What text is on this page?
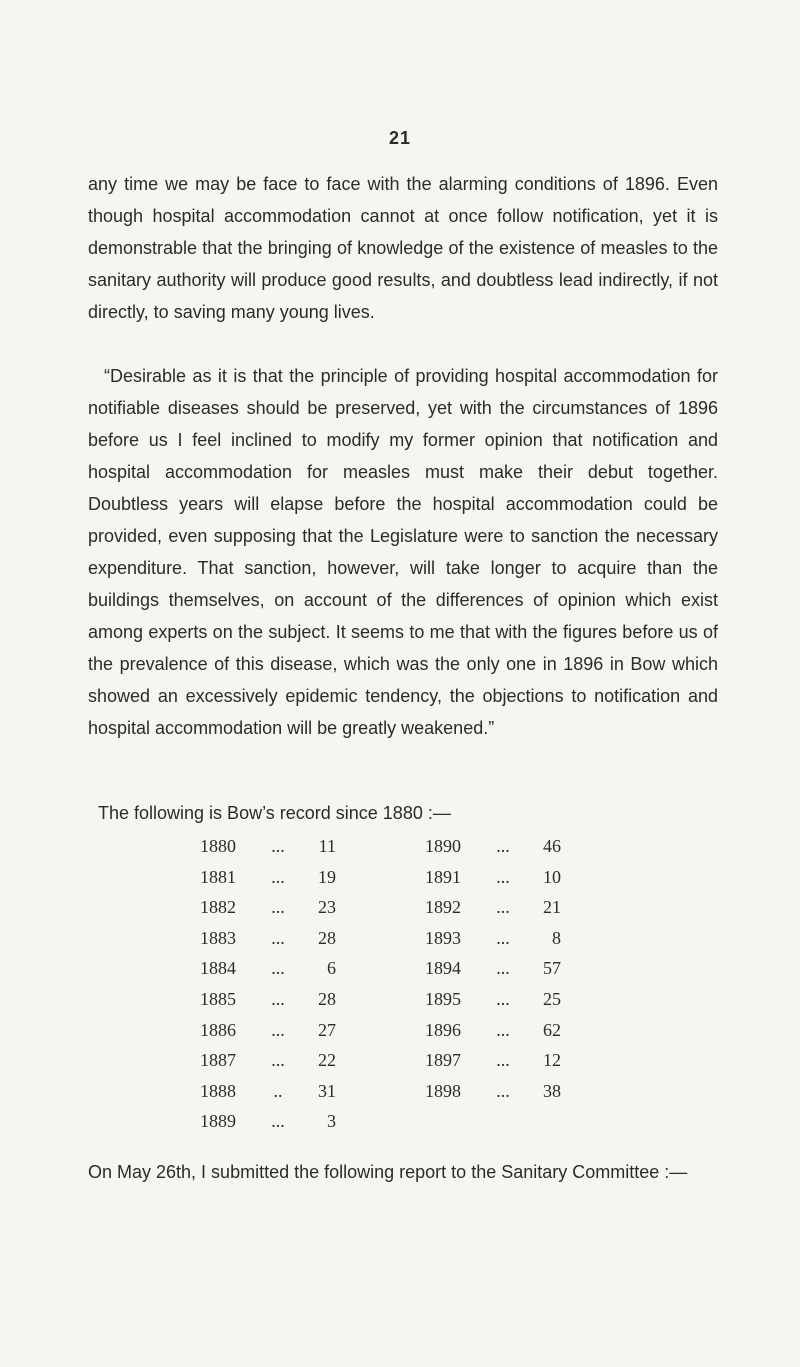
21
any time we may be face to face with the alarming conditions of 1896. Even though hospital accommodation cannot at once follow notification, yet it is demonstrable that the bringing of knowledge of the existence of measles to the sanitary authority will produce good results, and doubtless lead indirectly, if not directly, to saving many young lives.
“Desirable as it is that the principle of providing hospital accommodation for notifiable diseases should be preserved, yet with the circumstances of 1896 before us I feel inclined to modify my former opinion that notification and hospital accommodation for measles must make their debut together. Doubtless years will elapse before the hospital accommodation could be provided, even supposing that the Legislature were to sanction the necessary expenditure. That sanction, however, will take longer to acquire than the buildings themselves, on account of the differences of opinion which exist among experts on the subject. It seems to me that with the figures before us of the prevalence of this disease, which was the only one in 1896 in Bow which showed an excessively epidemic tendency, the objections to notification and hospital accommodation will be greatly weakened.”
The following is Bow’s record since 1880 :—
1880	...	11
1881	...	19
1882	...	23
1883	...	28
1884	...	6
1885	...	28
1886	...	27
1887	...	22
1888	..	31
1889	...	3
1890	...	46
1891	...	10
1892	...	21
1893	...	8
1894	...	57
1895	...	25
1896	...	62
1897	...	12
1898	...	38
On May 26th, I submitted the following report to the Sanitary Committee :—
